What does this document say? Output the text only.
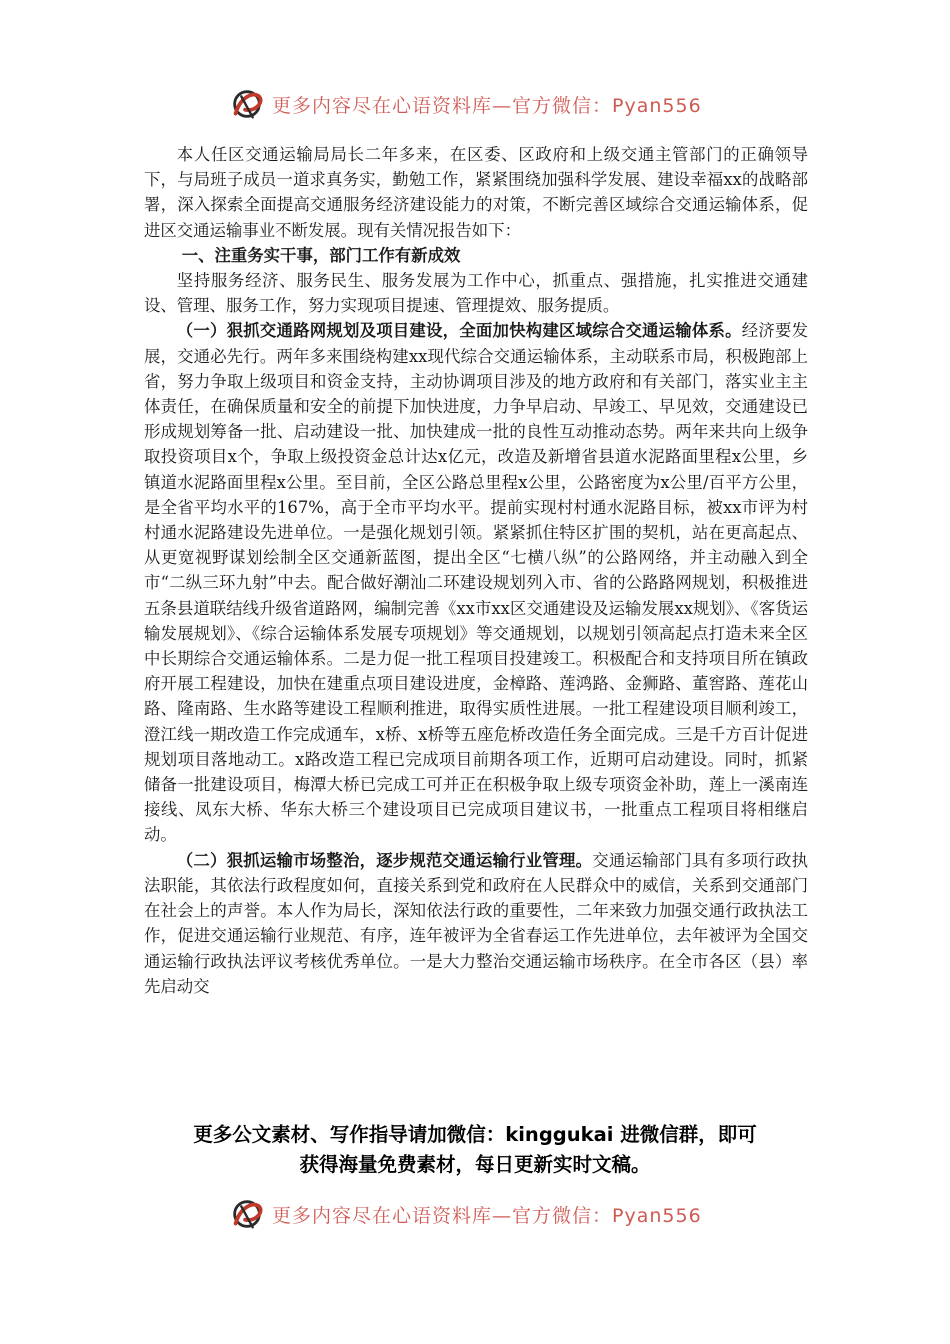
更多内容尽在心语资料库—官方微信：Pyan556

本人任区交通运输局局长二年多来，在区委、区政府和上级交通主管部门的正确领导下，与局班子成员一道求真务实，勤勉工作，紧紧围绕加强科学发展、建设幸福xx的战略部署，深入探索全面提高交通服务经济建设能力的对策，不断完善区域综合交通运输体系，促进区交通运输事业不断发展。现有关情况报告如下：

一、注重务实干事，部门工作有新成效

坚持服务经济、服务民生、服务发展为工作中心，抓重点、强措施，扎实推进交通建设、管理、服务工作，努力实现项目提速、管理提效、服务提质。

（一）狠抓交通路网规划及项目建设，全面加快构建区域综合交通运输体系。经济要发展，交通必先行。两年多来围绕构建xx现代综合交通运输体系，主动联系市局，积极跑部上省，努力争取上级项目和资金支持，主动协调项目涉及的地方政府和有关部门，落实业主主体责任，在确保质量和安全的前提下加快进度，力争早启动、早竣工、早见效，交通建设已形成规划筹备一批、启动建设一批、加快建成一批的良性互动推动态势。两年来共向上级争取投资项目x个，争取上级投资金总计达x亿元，改造及新增省县道水泥路面里程x公里，乡镇道水泥路面里程x公里。至目前，全区公路总里程x公里，公路密度为x公里/百平方公里，是全省平均水平的167%，高于全市平均水平。提前实现村村通水泥路目标，被xx市评为村村通水泥路建设先进单位。一是强化规划引领。紧紧抓住特区扩围的契机，站在更高起点、从更宽视野谋划绘制全区交通新蓝图，提出全区“七横八纵”的公路网络，并主动融入到全市“二纵三环九射”中去。配合做好潮汕二环建设规划列入市、省的公路路网规划，积极推进五条县道联结线升级省道路网，编制完善《xx市xx区交通建设及运输发展xx规划》、《客货运输发展规划》、《综合运输体系发展专项规划》等交通规划，以规划引领高起点打造未来全区中长期综合交通运输体系。二是力促一批工程项目投建竣工。积极配合和支持项目所在镇政府开展工程建设，加快在建重点项目建设进度，金樟路、莲鸿路、金狮路、董窖路、莲花山路、隆南路、生水路等建设工程顺利推进，取得实质性进展。一批工程建设项目顺利竣工，澄江线一期改造工作完成通车，x桥、x桥等五座危桥改造任务全面完成。三是千方百计促进规划项目落地动工。x路改造工程已完成项目前期各项工作，近期可启动建设。同时，抓紧储备一批建设项目，梅潭大桥已完成工可并正在积极争取上级专项资金补助，莲上一溪南连接线、凤东大桥、华东大桥三个建设项目已完成项目建议书，一批重点工程项目将相继启动。

（二）狠抓运输市场整治，逐步规范交通运输行业管理。交通运输部门具有多项行政执法职能，其依法行政程度如何，直接关系到党和政府在人民群众中的威信，关系到交通部门在社会上的声誉。本人作为局长，深知依法行政的重要性，二年来致力加强交通行政执法工作，促进交通运输行业规范、有序，连年被评为全省春运工作先进单位，去年被评为全国交通运输行政执法评议考核优秀单位。一是大力整治交通运输市场秩序。在全市各区（县）率先启动交

更多公文素材、写作指导请加微信：kinggukai 进微信群，即可
获得海量免费素材，每日更新实时文稿。
更多内容尽在心语资料库—官方微信：Pyan556
